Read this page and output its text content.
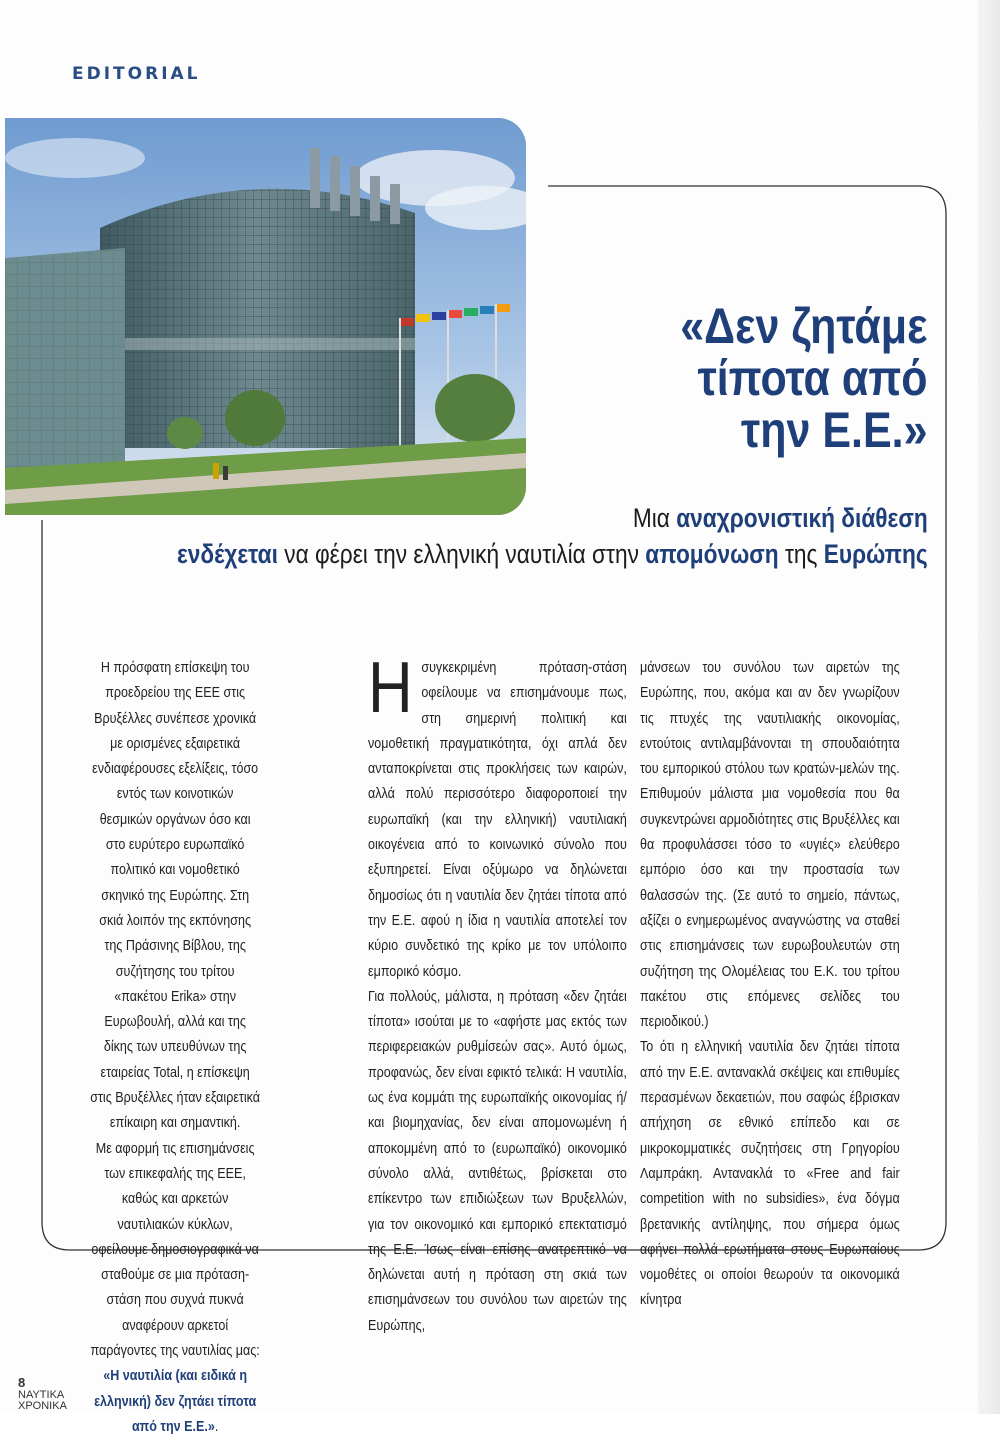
EDITORIAL
«Δεν ζητάμε
τίποτα από
την Ε.Ε.»
Μια αναχρονιστική διάθεση
ενδέχεται να φέρει την ελληνική ναυτιλία στην απομόνωση της Ευρώπης

Η πρόσφατη επίσκεψη του προεδρείου της ΕΕΕ στις Βρυξέλλες συνέπεσε χρονικά με ορισμένες εξαιρετικά ενδιαφέρουσες εξελίξεις, τόσο εντός των κοινοτικών θεσμικών οργάνων όσο και στο ευρύτερο ευρωπαϊκό πολιτικό και νομοθετικό σκηνικό της Ευρώπης. Στη σκιά λοιπόν της εκπόνησης της Πράσινης Βίβλου, της συζήτησης του τρίτου «πακέτου Erika» στην Ευρωβουλή, αλλά και της δίκης των υπευθύνων της εταιρείας Total, η επίσκεψη στις Βρυξέλλες ήταν εξαιρετικά επίκαιρη και σημαντική.

Με αφορμή τις επισημάνσεις των επικεφαλής της ΕΕΕ, καθώς και αρκετών ναυτιλιακών κύκλων, οφείλουμε δημοσιογραφικά να σταθούμε σε μια πρόταση-στάση που συχνά πυκνά αναφέρουν αρκετοί παράγοντες της ναυτιλίας μας: «Η ναυτιλία (και ειδικά η ελληνική) δεν ζητάει τίποτα από την Ε.Ε.».

Ησυγκεκριμένη πρόταση-στάση οφείλουμε να επισημάνουμε πως, στη σημερινή πολιτική και νομοθετική πραγματικότητα, όχι απλά δεν ανταποκρίνεται στις προκλήσεις των καιρών, αλλά πολύ περισσότερο διαφοροποιεί την ευρωπαϊκή (και την ελληνική) ναυτιλιακή οικογένεια από το κοινωνικό σύνολο που εξυπηρετεί. Είναι οξύμωρο να δηλώνεται δημοσίως ότι η ναυτιλία δεν ζητάει τίποτα από την Ε.Ε. αφού η ίδια η ναυτιλία αποτελεί τον κύριο συνδετικό της κρίκο με τον υπόλοιπο εμπορικό κόσμο.

Για πολλούς, μάλιστα, η πρόταση «δεν ζητάει τίποτα» ισούται με το «αφήστε μας εκτός των περιφερειακών ρυθμίσεών σας». Αυτό όμως, προφανώς, δεν είναι εφικτό τελικά: Η ναυτιλία, ως ένα κομμάτι της ευρωπαϊκής οικονομίας ή/και βιομηχανίας, δεν είναι απομονωμένη ή αποκομμένη από το (ευρωπαϊκό) οικονομικό σύνολο αλλά, αντιθέτως, βρίσκεται στο επίκεντρο των επιδιώξεων των Βρυξελλών, για τον οικονομικό και εμπορικό επεκτατισμό της Ε.Ε. Ίσως είναι επίσης ανατρεπτικό να δηλώνεται αυτή η πρόταση στη σκιά των επισημάνσεων του συνόλου των αιρετών της Ευρώπης,

μάνσεων του συνόλου των αιρετών της Ευρώπης, που, ακόμα και αν δεν γνωρίζουν τις πτυχές της ναυτιλιακής οικονομίας, εντούτοις αντιλαμβάνονται τη σπουδαιότητα του εμπορικού στόλου των κρατών-μελών της. Επιθυμούν μάλιστα μια νομοθεσία που θα συγκεντρώνει αρμοδιότητες στις Βρυξέλλες και θα προφυλάσσει τόσο το «υγιές» ελεύθερο εμπόριο όσο και την προστασία των θαλασσών της. (Σε αυτό το σημείο, πάντως, αξίζει ο ενημερωμένος αναγνώστης να σταθεί στις επισημάνσεις των ευρωβουλευτών στη συζήτηση της Ολομέλειας του Ε.Κ. του τρίτου πακέτου στις επόμενες σελίδες του περιοδικού.)

Το ότι η ελληνική ναυτιλία δεν ζητάει τίποτα από την Ε.Ε. αντανακλά σκέψεις και επιθυμίες περασμένων δεκαετιών, που σαφώς έβρισκαν απήχηση σε εθνικό επίπεδο και σε μικροκομματικές συζητήσεις στη Γρηγορίου Λαμπράκη. Αντανακλά το «Free and fair competition with no subsidies», ένα δόγμα βρετανικής αντίληψης, που σήμερα όμως αφήνει πολλά ερωτήματα στους Ευρωπαίους νομοθέτες οι οποίοι θεωρούν τα οικονομικά κίνητρα

8
ΝΑΥΤΙΚΑ
ΧΡΟΝΙΚΑ
